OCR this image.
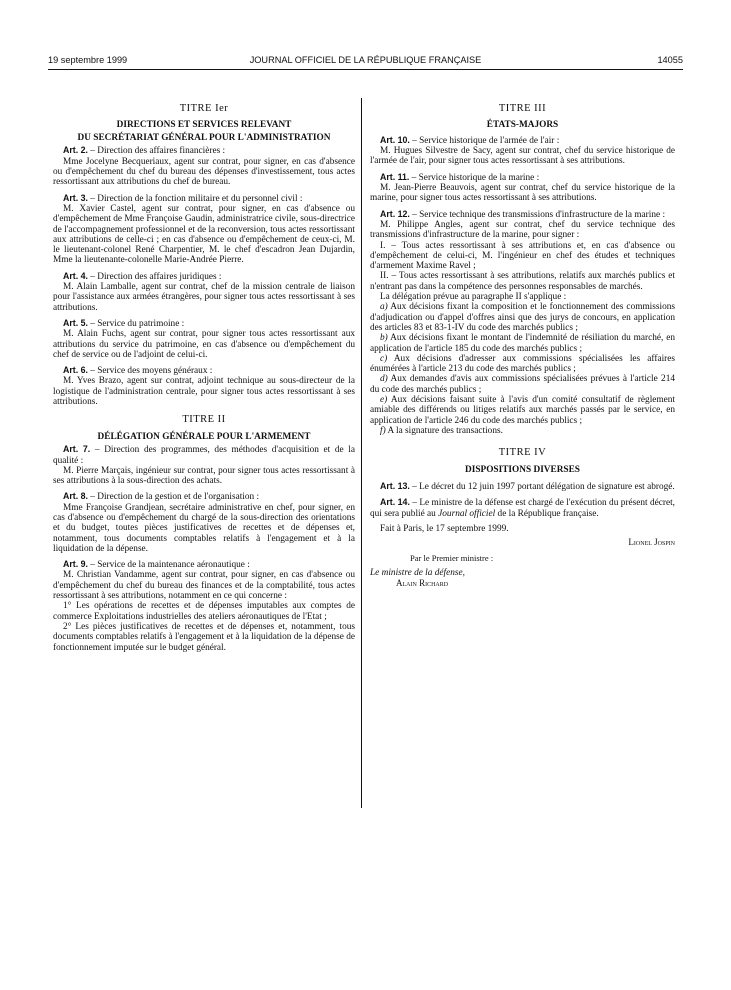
19 septembre 1999	JOURNAL OFFICIEL DE LA RÉPUBLIQUE FRANÇAISE	14055
TITRE Ier
DIRECTIONS ET SERVICES RELEVANT
DU SECRÉTARIAT GÉNÉRAL POUR L'ADMINISTRATION

Art. 2. – Direction des affaires financières :

Mme Jocelyne Becqueriaux, agent sur contrat, pour signer, en cas d'absence ou d'empêchement du chef du bureau des dépenses d'investissement, tous actes ressortissant aux attributions du chef de bureau.

Art. 3. – Direction de la fonction militaire et du personnel civil :

M. Xavier Castel, agent sur contrat, pour signer, en cas d'absence ou d'empêchement de Mme Françoise Gaudin, administratrice civile, sous-directrice de l'accompagnement professionnel et de la reconversion, tous actes ressortissant aux attributions de celle-ci ; en cas d'absence ou d'empêchement de ceux-ci, M. le lieutenant-colonel René Charpentier, M. le chef d'escadron Jean Dujardin, Mme la lieutenante-colonelle Marie-Andrée Pierre.

Art. 4. – Direction des affaires juridiques :

M. Alain Lamballe, agent sur contrat, chef de la mission centrale de liaison pour l'assistance aux armées étrangères, pour signer tous actes ressortissant à ses attributions.

Art. 5. – Service du patrimoine :

M. Alain Fuchs, agent sur contrat, pour signer tous actes ressortissant aux attributions du service du patrimoine, en cas d'absence ou d'empêchement du chef de service ou de l'adjoint de celui-ci.

Art. 6. – Service des moyens généraux :

M. Yves Brazo, agent sur contrat, adjoint technique au sous-directeur de la logistique de l'administration centrale, pour signer tous actes ressortissant à ses attributions.

TITRE II
DÉLÉGATION GÉNÉRALE POUR L'ARMEMENT

Art. 7. – Direction des programmes, des méthodes d'acquisition et de la qualité :

M. Pierre Marçais, ingénieur sur contrat, pour signer tous actes ressortissant à ses attributions à la sous-direction des achats.

Art. 8. – Direction de la gestion et de l'organisation :

Mme Françoise Grandjean, secrétaire administrative en chef, pour signer, en cas d'absence ou d'empêchement du chargé de la sous-direction des orientations et du budget, toutes pièces justificatives de recettes et de dépenses et, notamment, tous documents comptables relatifs à l'engagement et à la liquidation de la dépense.

Art. 9. – Service de la maintenance aéronautique :

M. Christian Vandamme, agent sur contrat, pour signer, en cas d'absence ou d'empêchement du chef du bureau des finances et de la comptabilité, tous actes ressortissant à ses attributions, notamment en ce qui concerne :

1° Les opérations de recettes et de dépenses imputables aux comptes de commerce Exploitations industrielles des ateliers aéronautiques de l'Etat ;

2° Les pièces justificatives de recettes et de dépenses et, notamment, tous documents comptables relatifs à l'engagement et à la liquidation de la dépense de fonctionnement imputée sur le budget général.

TITRE III
ÉTATS-MAJORS

Art. 10. – Service historique de l'armée de l'air :

M. Hugues Silvestre de Sacy, agent sur contrat, chef du service historique de l'armée de l'air, pour signer tous actes ressortissant à ses attributions.

Art. 11. – Service historique de la marine :

M. Jean-Pierre Beauvois, agent sur contrat, chef du service historique de la marine, pour signer tous actes ressortissant à ses attributions.

Art. 12. – Service technique des transmissions d'infrastructure de la marine :

M. Philippe Angles, agent sur contrat, chef du service technique des transmissions d'infrastructure de la marine, pour signer :

I. – Tous actes ressortissant à ses attributions et, en cas d'absence ou d'empêchement de celui-ci, M. l'ingénieur en chef des études et techniques d'armement Maxime Ravel ;

II. – Tous actes ressortissant à ses attributions, relatifs aux marchés publics et n'entrant pas dans la compétence des personnes responsables de marchés.

La délégation prévue au paragraphe II s'applique :

a) Aux décisions fixant la composition et le fonctionnement des commissions d'adjudication ou d'appel d'offres ainsi que des jurys de concours, en application des articles 83 et 83-1-IV du code des marchés publics ;

b) Aux décisions fixant le montant de l'indemnité de résiliation du marché, en application de l'article 185 du code des marchés publics ;

c) Aux décisions d'adresser aux commissions spécialisées les affaires énumérées à l'article 213 du code des marchés publics ;

d) Aux demandes d'avis aux commissions spécialisées prévues à l'article 214 du code des marchés publics ;

e) Aux décisions faisant suite à l'avis d'un comité consultatif de règlement amiable des différends ou litiges relatifs aux marchés passés par le service, en application de l'article 246 du code des marchés publics ;

f) A la signature des transactions.

TITRE IV
DISPOSITIONS DIVERSES

Art. 13. – Le décret du 12 juin 1997 portant délégation de signature est abrogé.

Art. 14. – Le ministre de la défense est chargé de l'exécution du présent décret, qui sera publié au Journal officiel de la République française.

Fait à Paris, le 17 septembre 1999.

Lionel Jospin

Par le Premier ministre :

Le ministre de la défense,

Alain Richard
